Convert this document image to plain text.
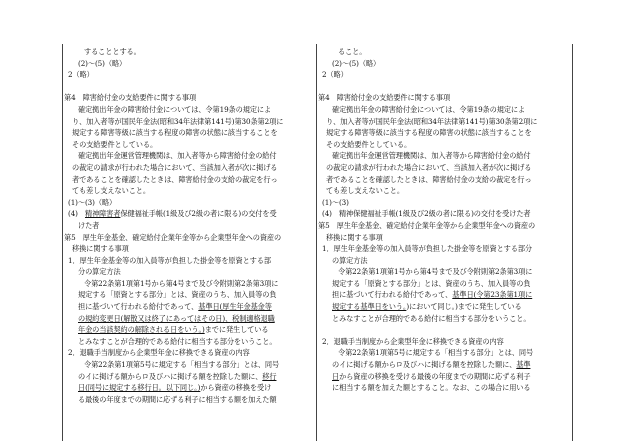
することとする。
(2)～(5)（略）
2（略）
第4　障害給付金の支給要件に関する事項
確定拠出年金の障害給付金については、令第19条の規定によ
り、加入者等が国民年金法(昭和34年法律第141号)第30条第2項に
規定する障害等級に該当する程度の障害の状態に該当することを
その支給要件としている。
確定拠出年金運営管理機関は、加入者等から障害給付金の給付
の裁定の請求が行われた場合において、当該加入者が次に掲げる
者であることを確認したときは、障害給付金の支給の裁定を行っ
ても差し支えないこと。
(1)～(3)（略）
(4)　精神障害者保健福祉手帳(1級及び2級の者に限る)の交付を受
けた者
第5　厚生年金基金、確定給付企業年金等から企業型年金への資産の
移換に関する事項
1．厚生年金基金等の加入員等が負担した掛金等を原資とする部
分の算定方法
令第22条第1項第1号から第4号まで及び令附則第2条第3項に
規定する「原資とする部分」とは、資産のうち、加入員等の負
担に基づいて行われる給付であって、基準日(厚生年金基金等
の規約変更日(解散又は終了にあってはその日)、税制適格退職
年金の当該契約の解除される日をいう。)までに発生している
とみなすことが合理的である給付に相当する部分をいうこと。
2．退職手当制度から企業型年金に移換できる資産の内容
令第22条第1項第5号に規定する「相当する部分」とは、同号
のイに掲げる額からロ及びハに掲げる額を控除した額に、移行
日(同号に規定する移行日。以下同じ。)から資産の移換を受け
る最後の年度までの期間に応ずる利子に相当する額を加えた額
ること。
(2)～(5)（略）
2（略）
第4　障害給付金の支給要件に関する事項
確定拠出年金の障害給付金については、令第19条の規定によ
り、加入者等が国民年金法(昭和34年法律第141号)第30条第2項に
規定する障害等級に該当する程度の障害の状態に該当することを
その支給要件としている。
確定拠出年金運営管理機関は、加入者等から障害給付金の給付
の裁定の請求が行われた場合において、当該加入者が次に掲げる
者であることを確認したときは、障害給付金の支給の裁定を行っ
ても差し支えないこと。
(1)～(3)
(4)　精神保健福祉手帳(1級及び2級の者に限る)の交付を受けた者
第5　厚生年金基金、確定給付企業年金等から企業型年金への資産の
移換に関する事項
1．厚生年金基金等の加入員等が負担した掛金等を原資とする部分
の算定方法
令第22条第1項第1号から第4号まで及び令附則第2条第3項に
規定する「原資とする部分」とは、資産のうち、加入員等の負
担に基づいて行われる給付であって、基準日(令第23条第1項に
規定する基準日をいう。)において同じ。)までに発生している
とみなすことが合理的である給付に相当する部分をいうこと。
2．退職手当制度から企業型年金に移換できる資産の内容
令第22条第1項第5号に規定する「相当する部分」とは、同号
のイに掲げる額からロ及びハに掲げる額を控除した額に、基準
日から資産の移換を受ける最後の年度までの期間に応ずる利子
に相当する額を加えた額とすること。なお、この場合に用いる
